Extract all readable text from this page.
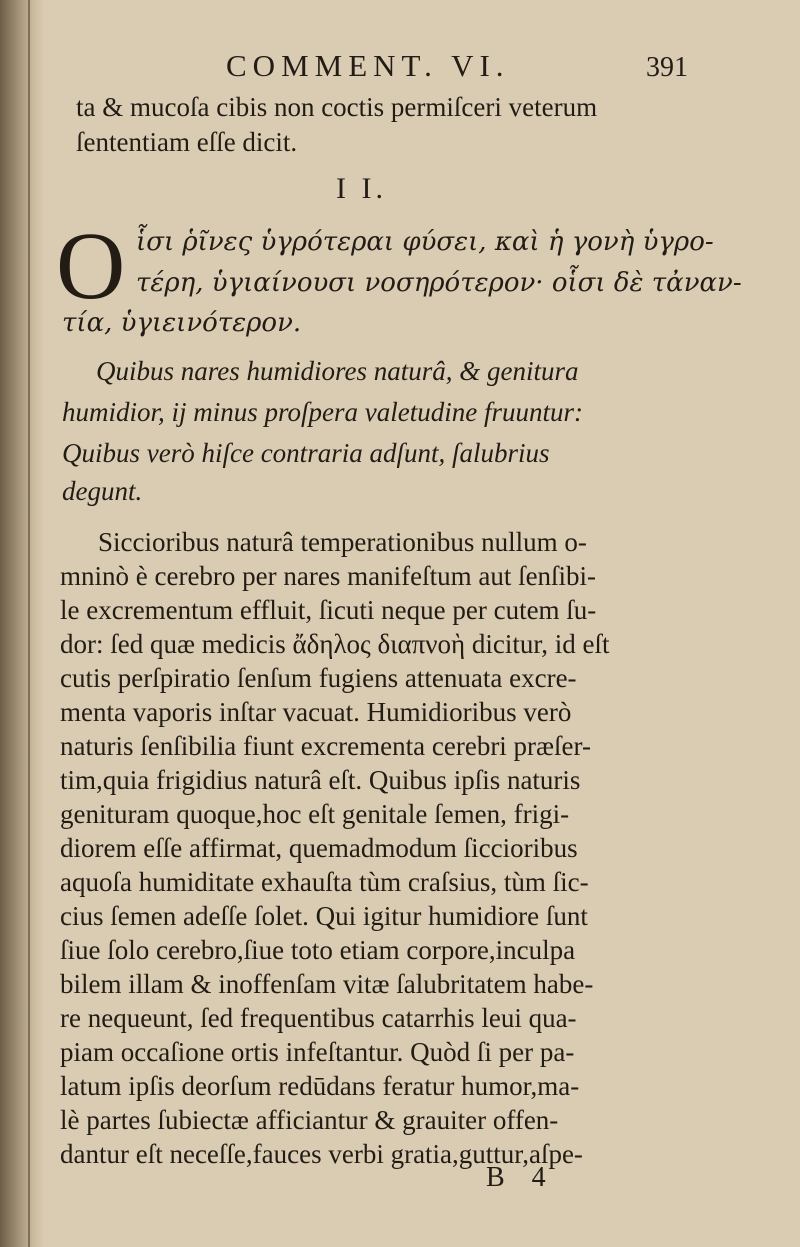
COMMENT. VI.	391
ta & mucoſa cibis non coctis permiſceri veterum
ſententiam eſſe dicit.
I I.
O ἷσι ῥῖνες ὑγρότεραι φύσει, καὶ ἡ γονὴ ὑγρο-
τέρη, ὑγιαίνουσι νοσηρότερον· οἷσι δὲ τἀναν-
τία, ὑγιεινότερον.
Quibus nares humidiores naturâ, & genitura
humidior, ij minus proſpera valetudine fruuntur:
Quibus verò hiſce contraria adſunt, ſalubrius
degunt.
Siccioribus naturâ temperationibus nullum o-
mninò è cerebro per nares manifeſtum aut ſenſibi-
le excrementum effluit, ſicuti neque per cutem ſu-
dor: ſed quæ medicis ἄδηλος διαπνοὴ dicitur, id eſt
cutis perſpiratio ſenſum fugiens attenuata excre-
menta vaporis inſtar vacuat. Humidioribus verò
naturis ſenſibilia fiunt excrementa cerebri præſer-
tim,quia frigidius naturâ eſt. Quibus ipſis naturis
genituram quoque,hoc eſt genitale ſemen, frigi-
diorem eſſe affirmat, quemadmodum ſiccioribus
aquoſa humiditate exhauſta tùm craſsius, tùm ſic-
cius ſemen adeſſe ſolet. Qui igitur humidiore ſunt
ſiue ſolo cerebro,ſiue toto etiam corpore,inculpa
bilem illam & inoffenſam vitæ ſalubritatem habe-
re nequeunt, ſed frequentibus catarrhis leui qua-
piam occaſione ortis infeſtantur. Quòd ſi per pa-
latum ipſis deorſum redūdans feratur humor,ma-
lè partes ſubiectæ afficiantur & grauiter offen-
dantur eſt neceſſe,fauces verbi gratia,guttur,aſpe-
B 4
